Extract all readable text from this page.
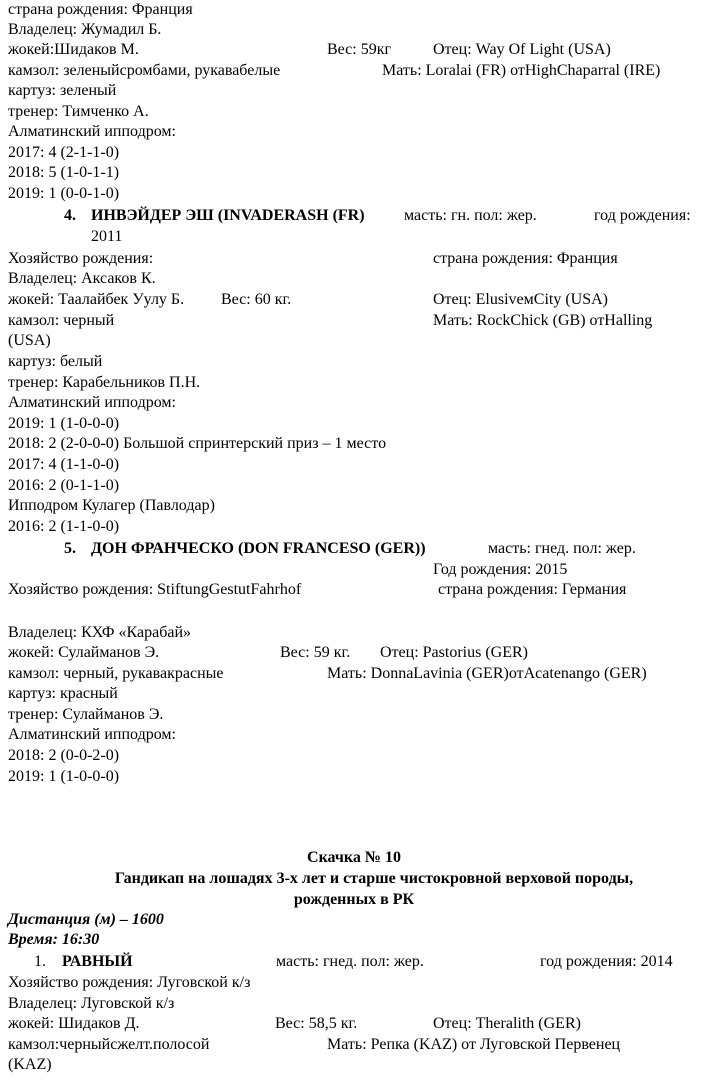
страна рождения: Франция
Владелец: Жумадил Б.
жокей:Шидаков М.	Вес: 59кг	Отец: Way Of Light (USA)
камзол: зеленыйсромбами, рукавабелые	Мать: Loralai (FR) отHighChaparral (IRE)
картуз: зеленый
тренер: Тимченко А.
Алматинский ипподром:
2017: 4 (2-1-1-0)
2018: 5 (1-0-1-1)
2019: 1 (0-0-1-0)
4. ИНВЭЙДЕР ЭШ (INVADERASH (FR) масть: гн. пол: жер.	год рождения:
2011
Хозяйство рождения:	страна рождения: Франция
Владелец: Аксаков К.
жокей: Таалайбек Уулу Б. Вес: 60 кг.	Отец: ElusivемCity (USA)
камзол: черный	Мать: RockChick (GB) отHalling
(USA)
картуз: белый
тренер: Карабельников П.Н.
Алматинский ипподром:
2019: 1 (1-0-0-0)
2018: 2 (2-0-0-0) Большой спринтерский приз – 1 место
2017: 4 (1-1-0-0)
2016: 2 (0-1-1-0)
Ипподром Кулагер (Павлодар)
2016: 2 (1-1-0-0)
5. ДОН ФРАНЧЕСКО (DON FRANCESO (GER))	масть: гнед. пол: жер.
Год рождения: 2015
Хозяйство рождения: StiftungGestutFahrhof	страна рождения: Германия
Владелец: КХФ «Карабай»
жокей: Сулайманов Э.	Вес: 59 кг. Отец: Pastorius (GER)
камзол: черный, рукавакрасные	Мать: DonnaLavinia (GER)отAcatenango (GER)
картуз: красный
тренер: Сулайманов Э.
Алматинский ипподром:
2018: 2 (0-0-2-0)
2019: 1 (1-0-0-0)
Скачка № 10
Гандикап на лошадях 3-х лет и старше чистокровной верховой породы,
рожденных в РК
Дистанция (м) – 1600
Время: 16:30
1. РАВНЫЙ	масть: гнед. пол: жер.	год рождения: 2014
Хозяйство рождения: Луговской к/з
Владелец: Луговской к/з
жокей: Шидаков Д.	Вес: 58,5 кг.	Отец: Theralith (GER)
камзол:черныйсжелт.полосой	Мать: Репка (KAZ) от Луговской Первенец
(KAZ)
